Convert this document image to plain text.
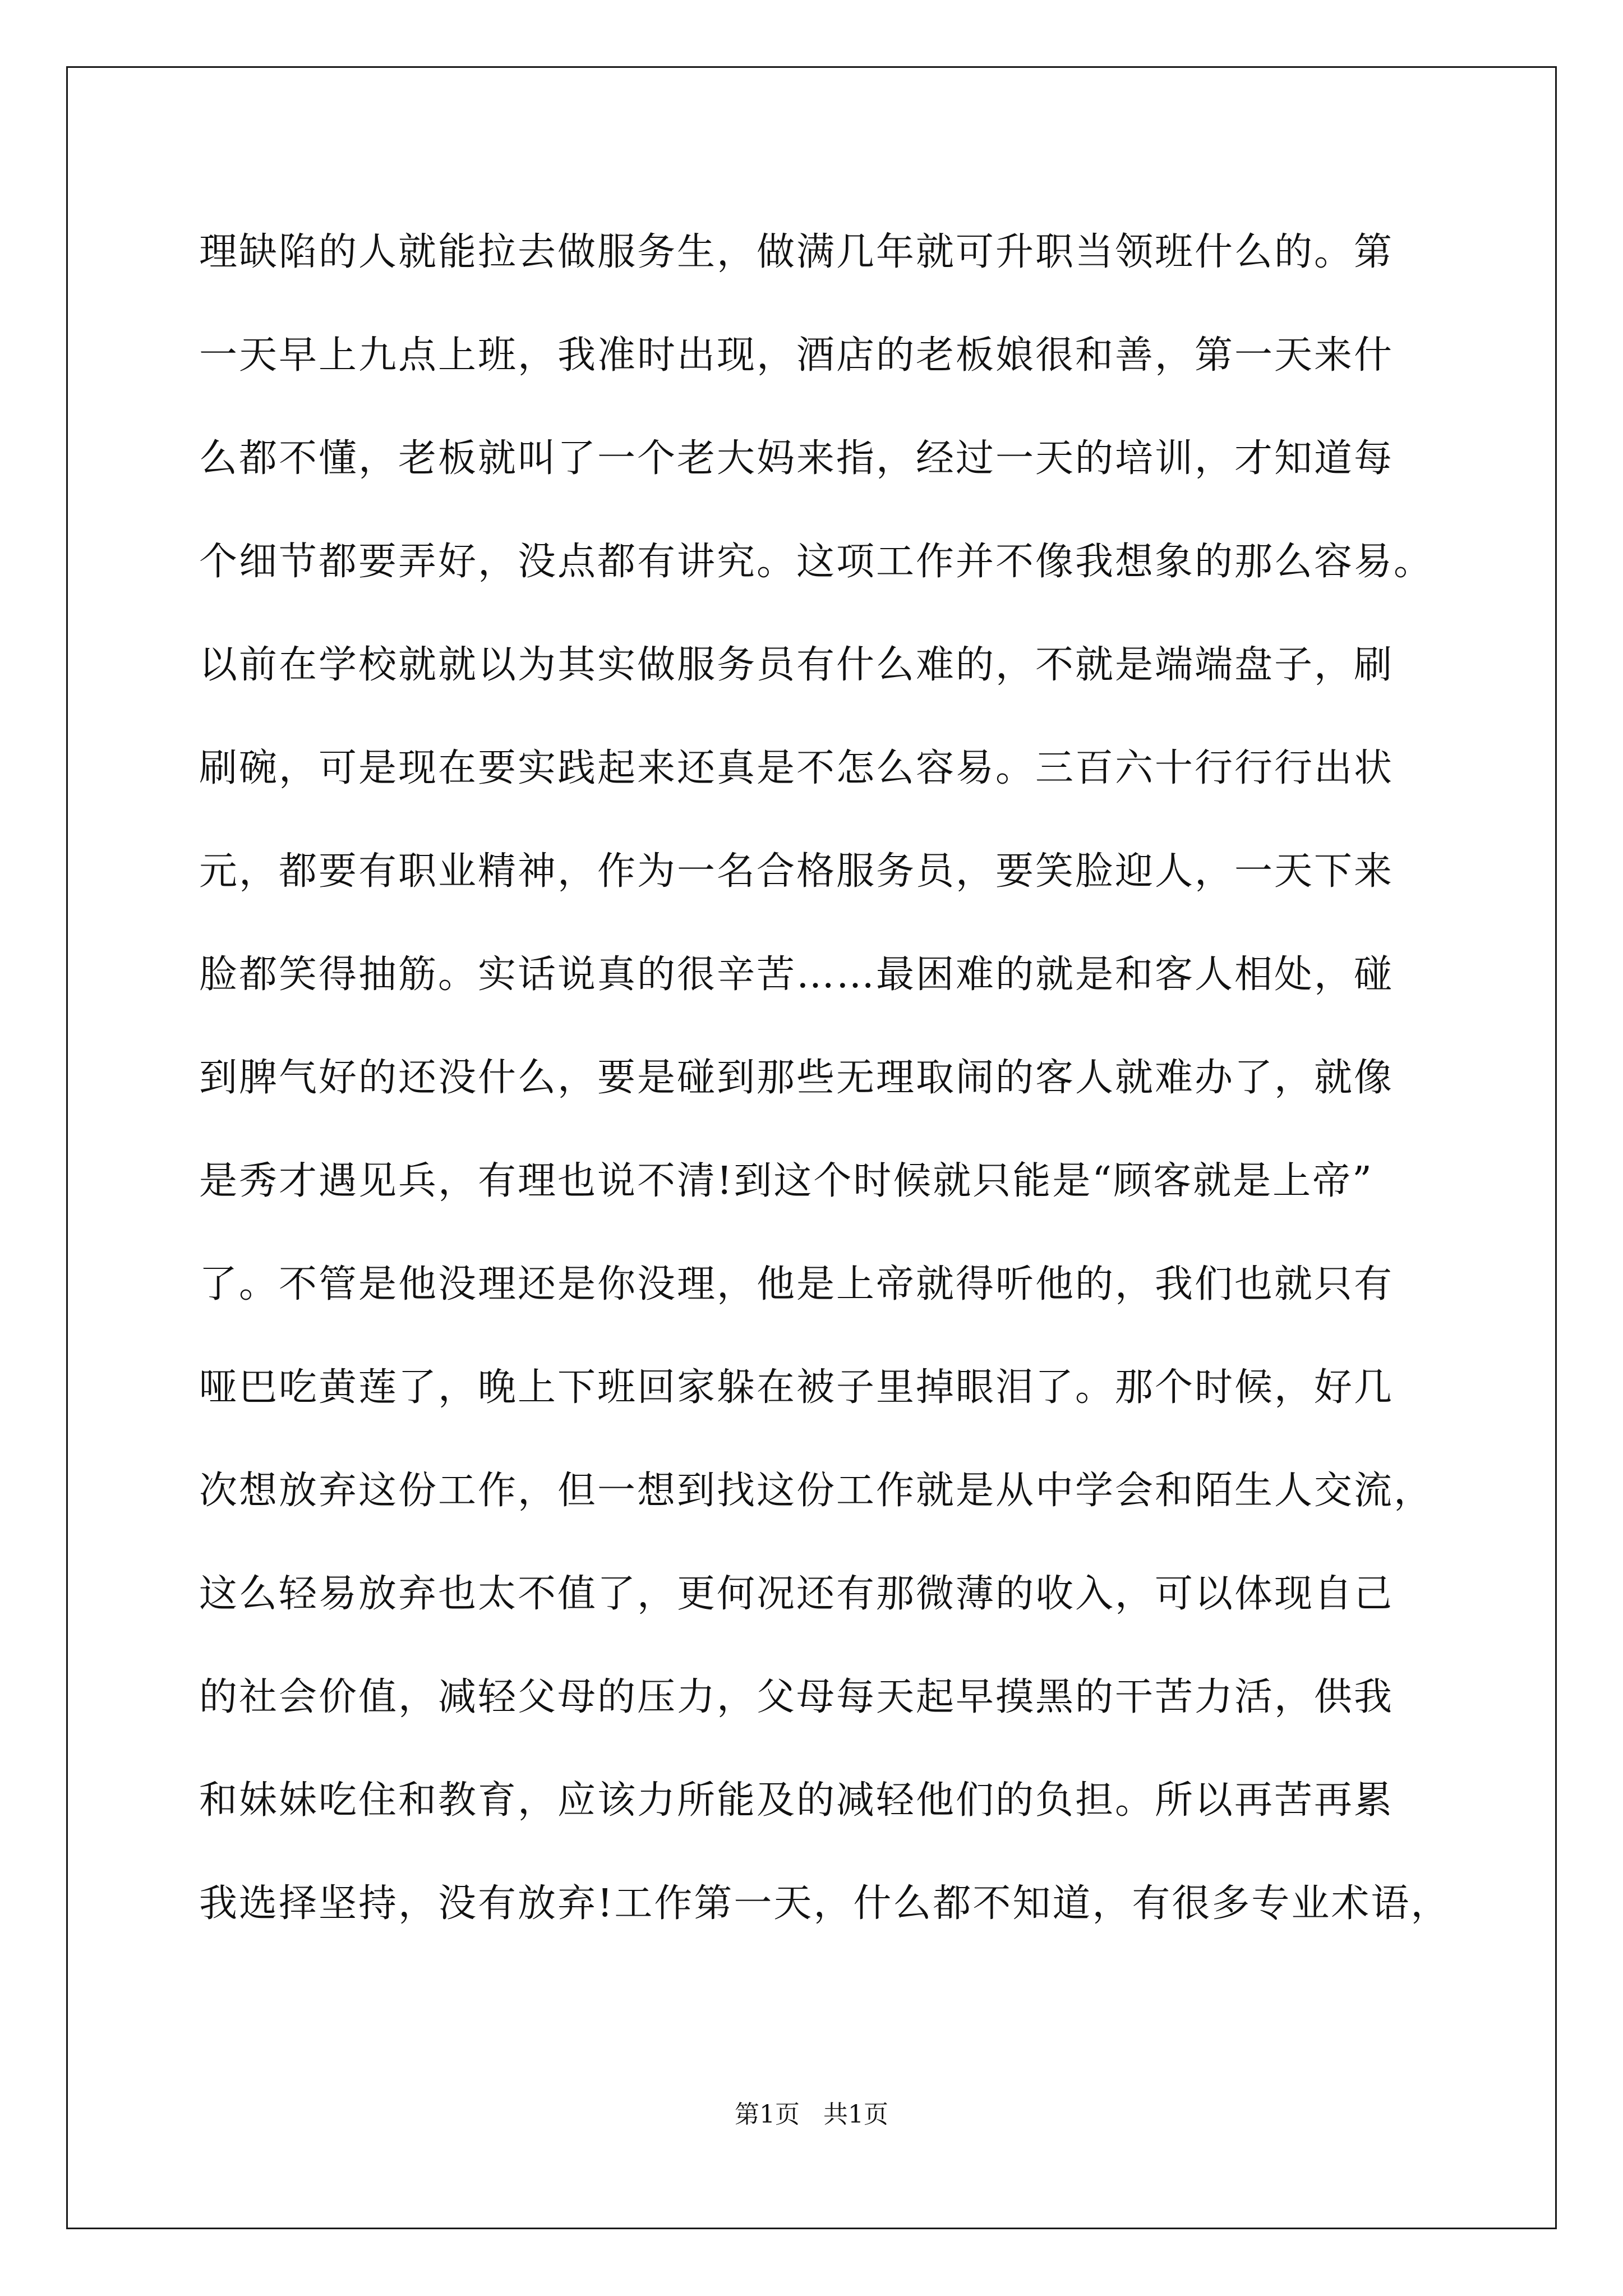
理缺陷的人就能拉去做服务生，做满几年就可升职当领班什么的。第
一天早上九点上班，我准时出现，酒店的老板娘很和善，第一天来什
么都不懂，老板就叫了一个老大妈来指，经过一天的培训，才知道每
个细节都要弄好，没点都有讲究。这项工作并不像我想象的那么容易。
以前在学校就就以为其实做服务员有什么难的，不就是端端盘子，刷
刷碗，可是现在要实践起来还真是不怎么容易。三百六十行行行出状
元，都要有职业精神，作为一名合格服务员，要笑脸迎人，一天下来
脸都笑得抽筋。实话说真的很辛苦……最困难的就是和客人相处，碰
到脾气好的还没什么，要是碰到那些无理取闹的客人就难办了，就像
是秀才遇见兵，有理也说不清!到这个时候就只能是“顾客就是上帝”
了。不管是他没理还是你没理，他是上帝就得听他的，我们也就只有
哑巴吃黄莲了，晚上下班回家躲在被子里掉眼泪了。那个时候，好几
次想放弃这份工作，但一想到找这份工作就是从中学会和陌生人交流，
这么轻易放弃也太不值了，更何况还有那微薄的收入，可以体现自己
的社会价值，减轻父母的压力，父母每天起早摸黑的干苦力活，供我
和妹妹吃住和教育，应该力所能及的减轻他们的负担。所以再苦再累
我选择坚持，没有放弃!工作第一天，什么都不知道，有很多专业术语，
第1页   共1页
